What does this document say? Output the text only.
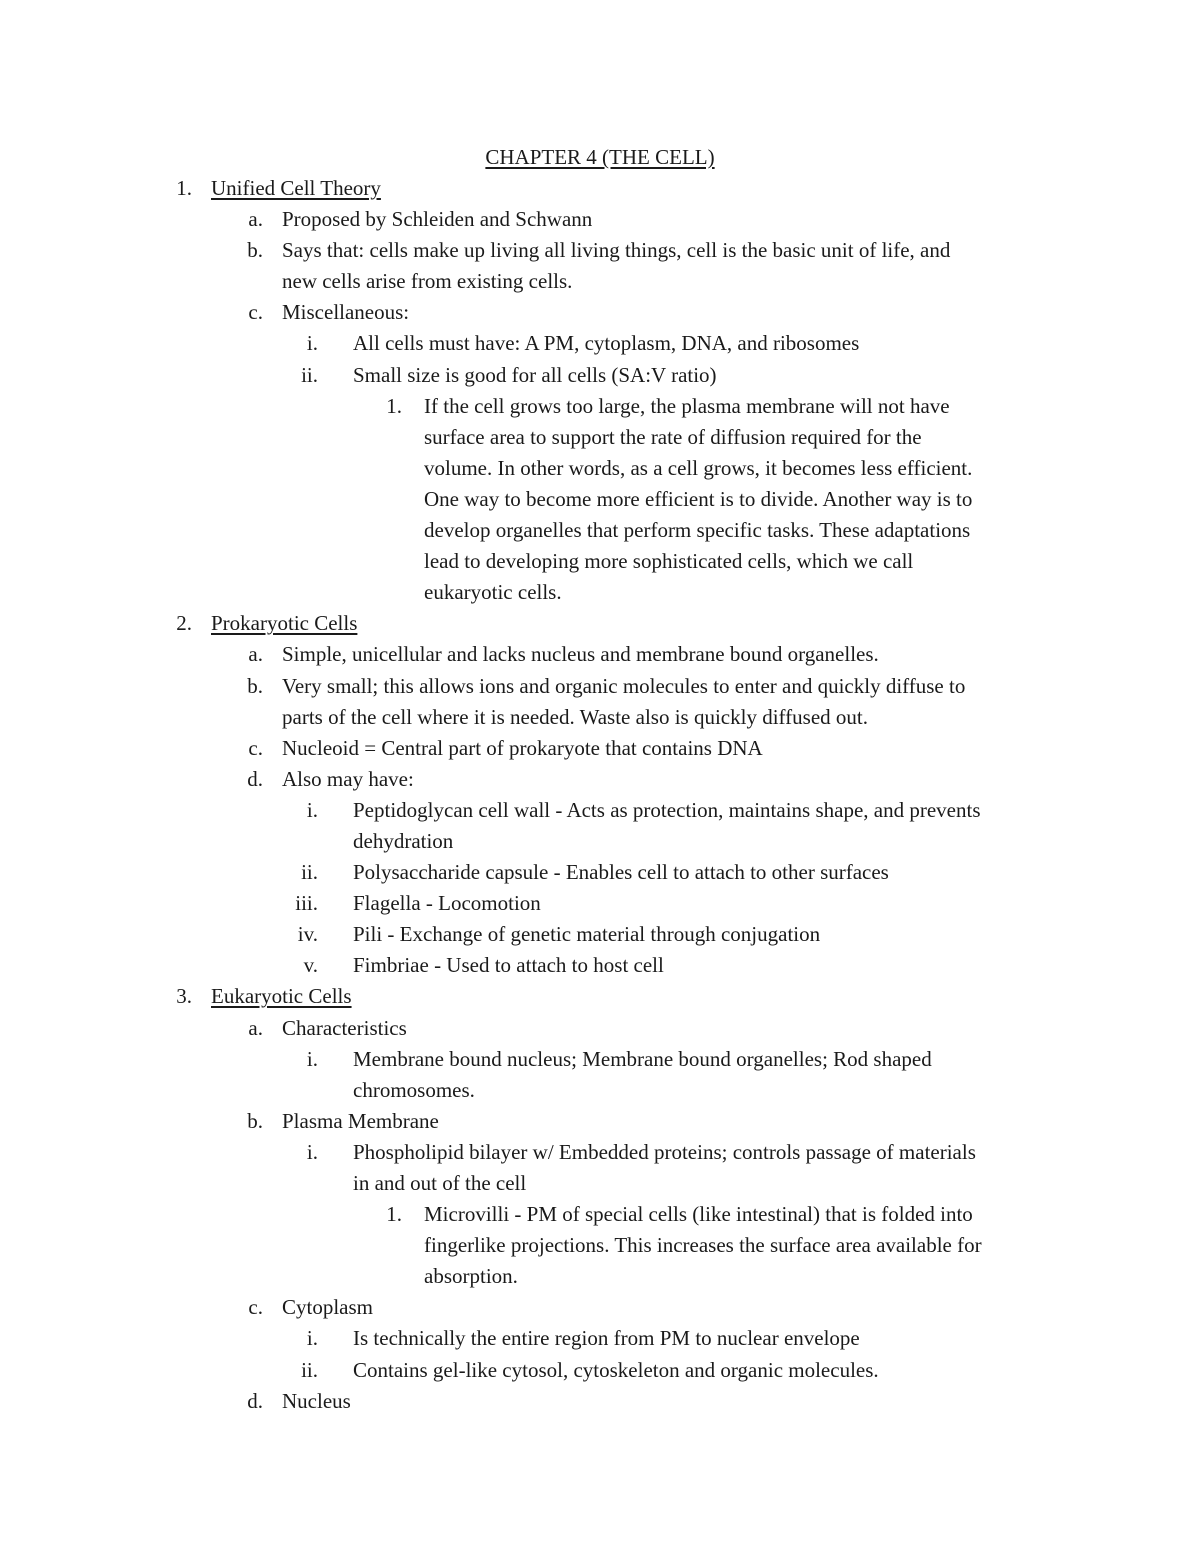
CHAPTER 4 (THE CELL)
1. Unified Cell Theory
a. Proposed by Schleiden and Schwann
b. Says that: cells make up living all living things, cell is the basic unit of life, and
new cells arise from existing cells.
c. Miscellaneous:
i. All cells must have: A PM, cytoplasm, DNA, and ribosomes
ii. Small size is good for all cells (SA:V ratio)
1. If the cell grows too large, the plasma membrane will not have
surface area to support the rate of diffusion required for the
volume. In other words, as a cell grows, it becomes less efficient.
One way to become more efficient is to divide. Another way is to
develop organelles that perform specific tasks. These adaptations
lead to developing more sophisticated cells, which we call
eukaryotic cells.
2. Prokaryotic Cells
a. Simple, unicellular and lacks nucleus and membrane bound organelles.
b. Very small; this allows ions and organic molecules to enter and quickly diffuse to
parts of the cell where it is needed. Waste also is quickly diffused out.
c. Nucleoid = Central part of prokaryote that contains DNA
d. Also may have:
i. Peptidoglycan cell wall - Acts as protection, maintains shape, and prevents
dehydration
ii. Polysaccharide capsule - Enables cell to attach to other surfaces
iii. Flagella - Locomotion
iv. Pili - Exchange of genetic material through conjugation
v. Fimbriae - Used to attach to host cell
3. Eukaryotic Cells
a. Characteristics
i. Membrane bound nucleus; Membrane bound organelles; Rod shaped
chromosomes.
b. Plasma Membrane
i. Phospholipid bilayer w/ Embedded proteins; controls passage of materials
in and out of the cell
1. Microvilli - PM of special cells (like intestinal) that is folded into
fingerlike projections. This increases the surface area available for
absorption.
c. Cytoplasm
i. Is technically the entire region from PM to nuclear envelope
ii. Contains gel-like cytosol, cytoskeleton and organic molecules.
d. Nucleus
